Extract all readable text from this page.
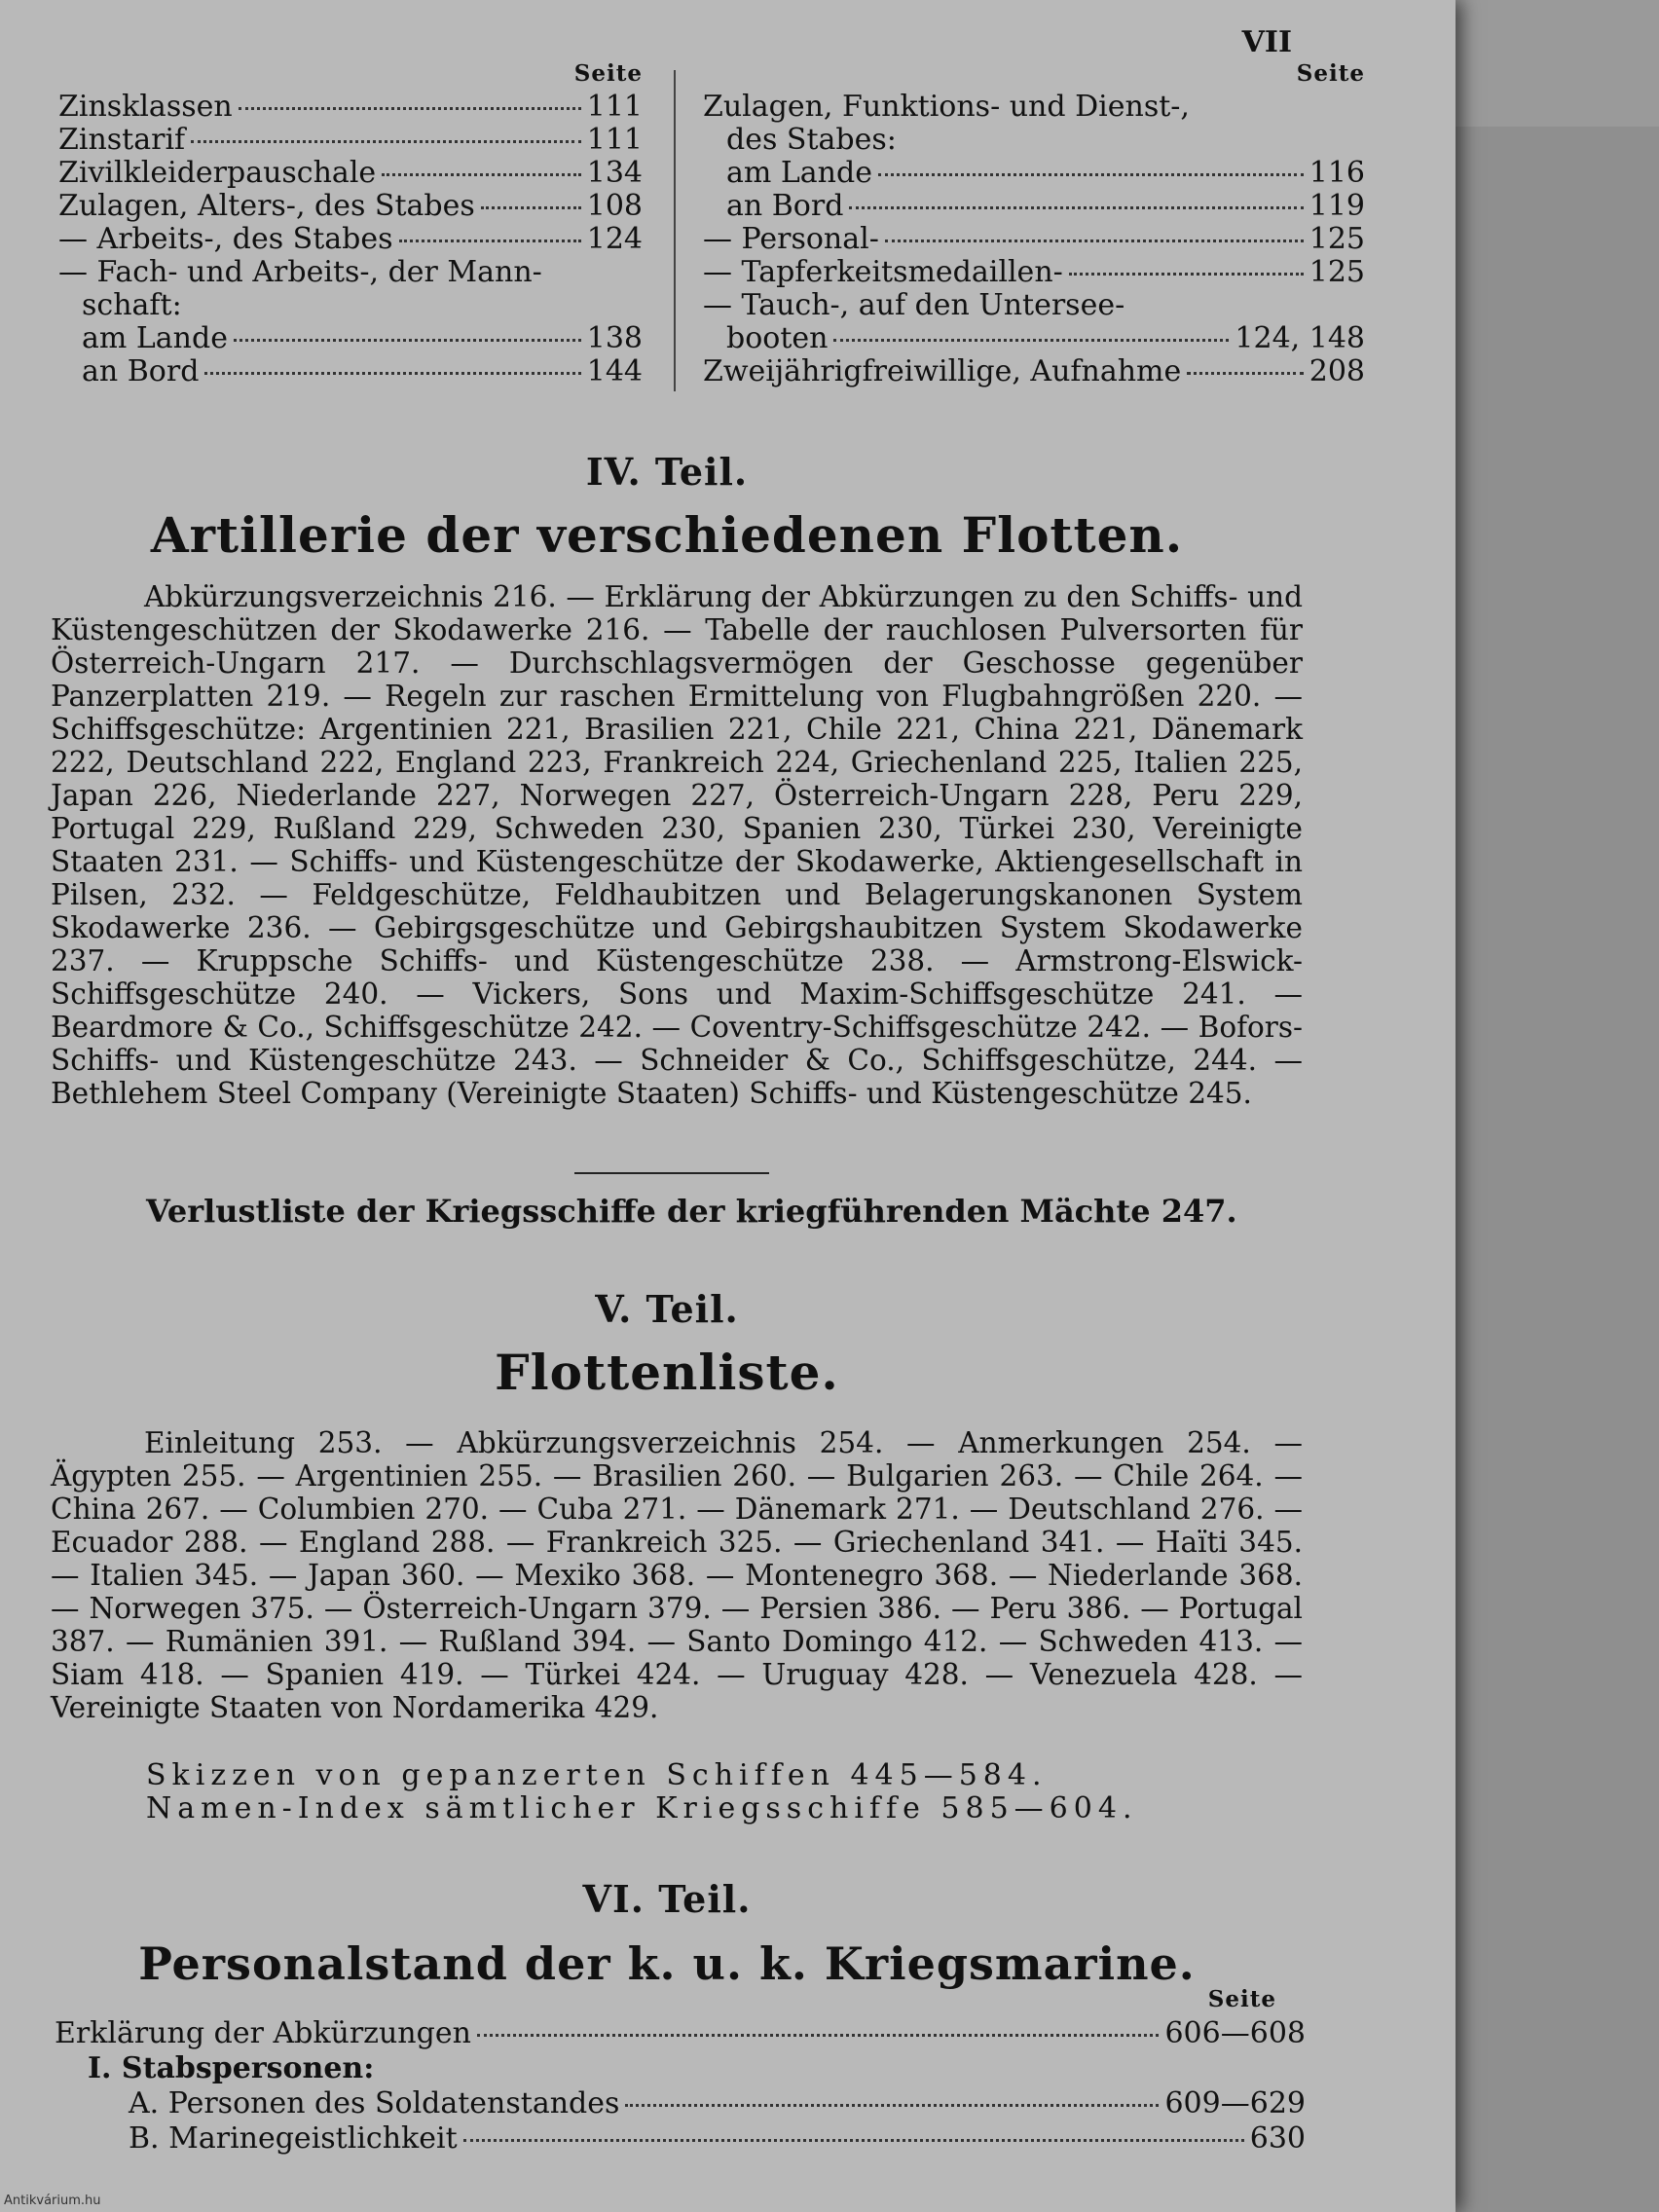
VII
Seite
Zinsklassen	111
Zinstarif	111
Zivilkleiderpauschale	134
Zulagen, Alters-, des Stabes	108
— Arbeits-, des Stabes	124
— Fach- und Arbeits-, der Mann-
schaft:
am Lande	138
an Bord	144
Seite
Zulagen, Funktions- und Dienst-,
des Stabes:
am Lande	116
an Bord	119
— Personal-	125
— Tapferkeitsmedaillen-	125
— Tauch-, auf den Untersee-
booten	124, 148
Zweijährigfreiwillige, Aufnahme	208
IV. Teil.
Artillerie der verschiedenen Flotten.
Abkürzungsverzeichnis 216. — Erklärung der Abkürzungen zu den Schiffs- und Küstengeschützen der Skodawerke 216. — Tabelle der rauchlosen Pulversorten für Österreich-Ungarn 217. — Durchschlagsvermögen der Geschosse gegenüber Panzerplatten 219. — Regeln zur raschen Ermittelung von Flugbahngrößen 220. — Schiffsgeschütze: Argentinien 221, Brasilien 221, Chile 221, China 221, Dänemark 222, Deutschland 222, England 223, Frankreich 224, Griechenland 225, Italien 225, Japan 226, Niederlande 227, Norwegen 227, Österreich-Ungarn 228, Peru 229, Portugal 229, Rußland 229, Schweden 230, Spanien 230, Türkei 230, Vereinigte Staaten 231. — Schiffs- und Küstengeschütze der Skodawerke, Aktiengesellschaft in Pilsen, 232. — Feldgeschütze, Feldhaubitzen und Belagerungskanonen System Skodawerke 236. — Gebirgsgeschütze und Gebirgshaubitzen System Skodawerke 237. — Kruppsche Schiffs- und Küstengeschütze 238. — Armstrong-Elswick-Schiffsgeschütze 240. — Vickers, Sons und Maxim-Schiffsgeschütze 241. — Beardmore & Co., Schiffsgeschütze 242. — Coventry-Schiffsgeschütze 242. — Bofors-Schiffs- und Küstengeschütze 243. — Schneider & Co., Schiffsgeschütze, 244. — Bethlehem Steel Company (Vereinigte Staaten) Schiffs- und Küstengeschütze 245.
Verlustliste der Kriegsschiffe der kriegführenden Mächte 247.
V. Teil.
Flottenliste.
Einleitung 253. — Abkürzungsverzeichnis 254. — Anmerkungen 254. — Ägypten 255. — Argentinien 255. — Brasilien 260. — Bulgarien 263. — Chile 264. — China 267. — Columbien 270. — Cuba 271. — Dänemark 271. — Deutschland 276. — Ecuador 288. — England 288. — Frankreich 325. — Griechenland 341. — Haïti 345. — Italien 345. — Japan 360. — Mexiko 368. — Montenegro 368. — Niederlande 368. — Norwegen 375. — Österreich-Ungarn 379. — Persien 386. — Peru 386. — Portugal 387. — Rumänien 391. — Rußland 394. — Santo Domingo 412. — Schweden 413. — Siam 418. — Spanien 419. — Türkei 424. — Uruguay 428. — Venezuela 428. — Vereinigte Staaten von Nordamerika 429.
Skizzen von gepanzerten Schiffen 445—584.
Namen-Index sämtlicher Kriegsschiffe 585—604.
VI. Teil.
Personalstand der k. u. k. Kriegsmarine.
Seite
Erklärung der Abkürzungen	606—608
I. Stabspersonen:
A. Personen des Soldatenstandes	609—629
B. Marinegeistlichkeit	630
Antikvárium.hu
